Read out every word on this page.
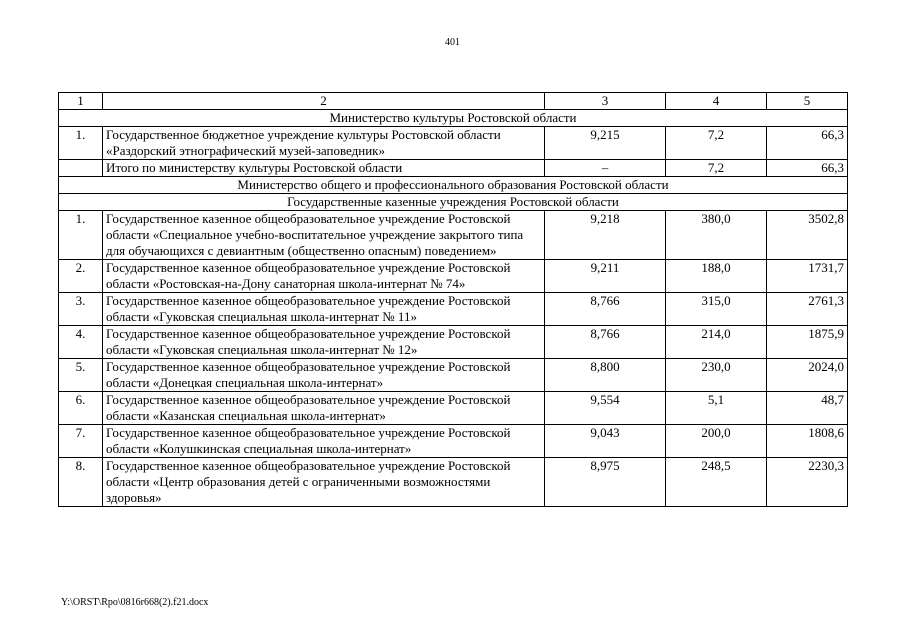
401
1	2	3	4	5
Министерство культуры Ростовской области				
1.	Государственное бюджетное учреждение культуры Ростовской области «Раздорский этнографический музей-заповедник»	9,215	7,2	66,3
	Итого по министерству культуры Ростовской области	–	7,2	66,3
Министерство общего и профессионального образования Ростовской области				
Государственные казенные учреждения Ростовской области				
1.	Государственное казенное общеобразовательное учреждение Ростовской области «Специальное учебно-воспитательное учреждение закрытого типа для обучающихся с девиантным (общественно опасным) поведением»	9,218	380,0	3502,8
2.	Государственное казенное общеобразовательное учреждение Ростовской области «Ростовская-на-Дону санаторная школа-интернат № 74»	9,211	188,0	1731,7
3.	Государственное казенное общеобразовательное учреждение Ростовской области «Гуковская специальная школа-интернат № 11»	8,766	315,0	2761,3
4.	Государственное казенное общеобразовательное учреждение Ростовской области «Гуковская специальная школа-интернат № 12»	8,766	214,0	1875,9
5.	Государственное казенное общеобразовательное учреждение Ростовской области «Донецкая специальная школа-интернат»	8,800	230,0	2024,0
6.	Государственное казенное общеобразовательное учреждение Ростовской области «Казанская специальная школа-интернат»	9,554	5,1	48,7
7.	Государственное казенное общеобразовательное учреждение Ростовской области «Колушкинская специальная школа-интернат»	9,043	200,0	1808,6
8.	Государственное казенное общеобразовательное учреждение Ростовской области «Центр образования детей с ограниченными возможностями здоровья»	8,975	248,5	2230,3
Y:\ORST\Rpo\0816r668(2).f21.docx
